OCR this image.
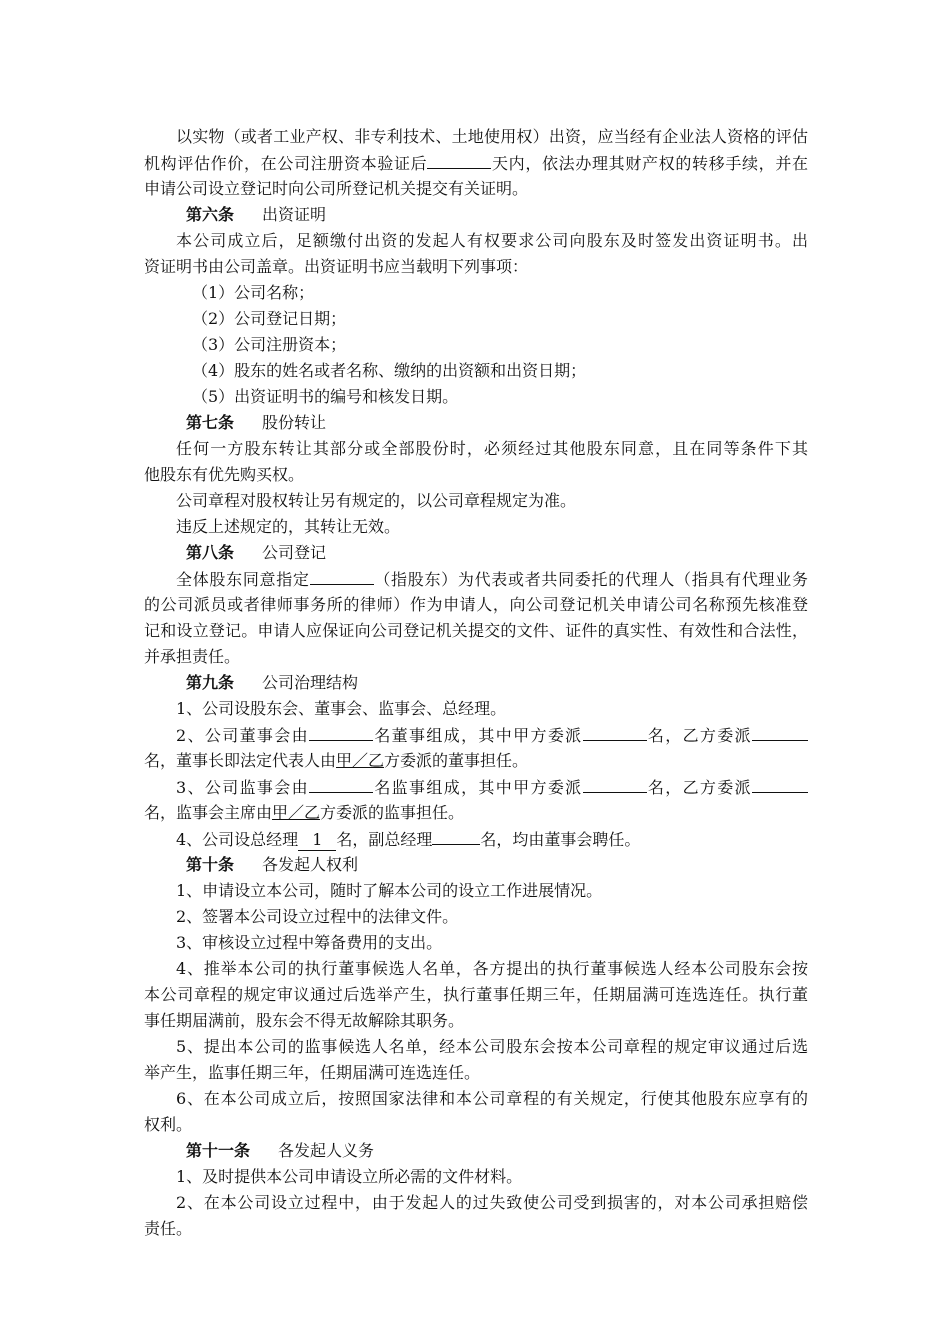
以实物（或者工业产权、非专利技术、土地使用权）出资，应当经有企业法人资格的评估
机构评估作价，在公司注册资本验证后	天内，依法办理其财产权的转移手续，并在
申请公司设立登记时向公司所登记机关提交有关证明。
第六条 出资证明
本公司成立后，足额缴付出资的发起人有权要求公司向股东及时签发出资证明书。出
资证明书由公司盖章。出资证明书应当载明下列事项：
（1）公司名称；
（2）公司登记日期；
（3）公司注册资本；
（4）股东的姓名或者名称、缴纳的出资额和出资日期；
（5）出资证明书的编号和核发日期。
第七条 股份转让
任何一方股东转让其部分或全部股份时，必须经过其他股东同意，且在同等条件下其
他股东有优先购买权。
公司章程对股权转让另有规定的，以公司章程规定为准。
违反上述规定的，其转让无效。
第八条 公司登记
全体股东同意指定	（指股东）为代表或者共同委托的代理人（指具有代理业务
的公司派员或者律师事务所的律师）作为申请人，向公司登记机关申请公司名称预先核准登
记和设立登记。申请人应保证向公司登记机关提交的文件、证件的真实性、有效性和合法性，
并承担责任。
第九条 公司治理结构
1、公司设股东会、董事会、监事会、总经理。
2、公司董事会由	名董事组成，其中甲方委派	名，乙方委派
名，董事长即法定代表人由甲／乙方委派的董事担任。
3、公司监事会由	名监事组成，其中甲方委派	名，乙方委派
名，监事会主席由甲／乙方委派的监事担任。
4、公司设总经理 1 名，副总经理	名，均由董事会聘任。
第十条 各发起人权利
1、申请设立本公司，随时了解本公司的设立工作进展情况。
2、签署本公司设立过程中的法律文件。
3、审核设立过程中筹备费用的支出。
4、推举本公司的执行董事候选人名单，各方提出的执行董事候选人经本公司股东会按
本公司章程的规定审议通过后选举产生，执行董事任期三年，任期届满可连选连任。执行董
事任期届满前，股东会不得无故解除其职务。
5、提出本公司的监事候选人名单，经本公司股东会按本公司章程的规定审议通过后选
举产生，监事任期三年，任期届满可连选连任。
6、在本公司成立后，按照国家法律和本公司章程的有关规定，行使其他股东应享有的
权利。
第十一条 各发起人义务
1、及时提供本公司申请设立所必需的文件材料。
2、在本公司设立过程中，由于发起人的过失致使公司受到损害的，对本公司承担赔偿
责任。
